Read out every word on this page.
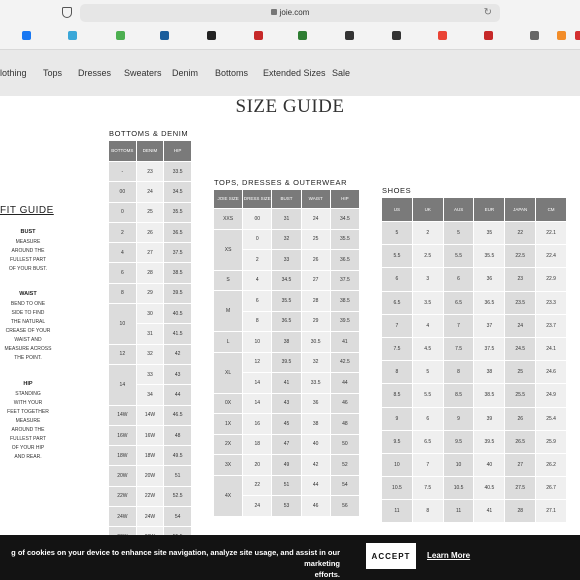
joie.com	↻
lothing Tops Dresses Sweaters Denim Bottoms Extended Sizes Sale
SIZE GUIDE
BOTTOMS & DENIM
BOTTOMS	DENIM	HIP
-	23	33.5
00	24	34.5
0	25	35.5
2	26	36.5
4	27	37.5
6	28	38.5
8	29	39.5
10	30	40.5
	31	41.5
12	32	42
14	33	43
	34	44
14W	14W	46.5
16W	16W	48
18W	18W	49.5
20W	20W	51
22W	22W	52.5
24W	24W	54

FIT GUIDE
BUST
MEASURE
AROUND THE
FULLEST PART
OF YOUR BUST.
WAIST
BEND TO ONE
SIDE TO FIND
THE NATURAL
CREASE OF YOUR
WAIST AND
MEASURE ACROSS
THE POINT.
HIP
STANDING
WITH YOUR
FEET TOGETHER
MEASURE
AROUND THE
FULLEST PART
OF YOUR HIP
AND REAR.
TOPS, DRESSES & OUTERWEAR
JOIE SIZE	DRESS SIZE	BUST	WAIST	HIP
XXS	00	31	24	34.5
XS	0	32	25	35.5
	2	33	26	36.5
S	4	34.5	27	37.5
M	6	35.5	28	38.5
	8	36.5	29	39.5
L	10	38	30.5	41
XL	12	39.5	32	42.5
	14	41	33.5	44
0X	14	43	36	46
1X	16	45	38	48
2X	18	47	40	50
3X	20	49	42	52
4X	22	51	44	54
	24	53	46	56
SHOES
US	UK	AUS	EUR	JAPAN	CM
5	2	5	35	22	22.1
5.5	2.5	5.5	35.5	22.5	22.4
6	3	6	36	23	22.9
6.5	3.5	6.5	36.5	23.5	23.3
7	4	7	37	24	23.7
7.5	4.5	7.5	37.5	24.5	24.1
8	5	8	38	25	24.6
8.5	5.5	8.5	38.5	25.5	24.9
9	6	9	39	26	25.4
9.5	6.5	9.5	39.5	26.5	25.9
10	7	10	40	27	26.2
10.5	7.5	10.5	40.5	27.5	26.7
11	8	11	41	28	27.1
g of cookies on your device to enhance site navigation, analyze site usage, and assist in our marketing
efforts.
ACCEPT	Learn More
